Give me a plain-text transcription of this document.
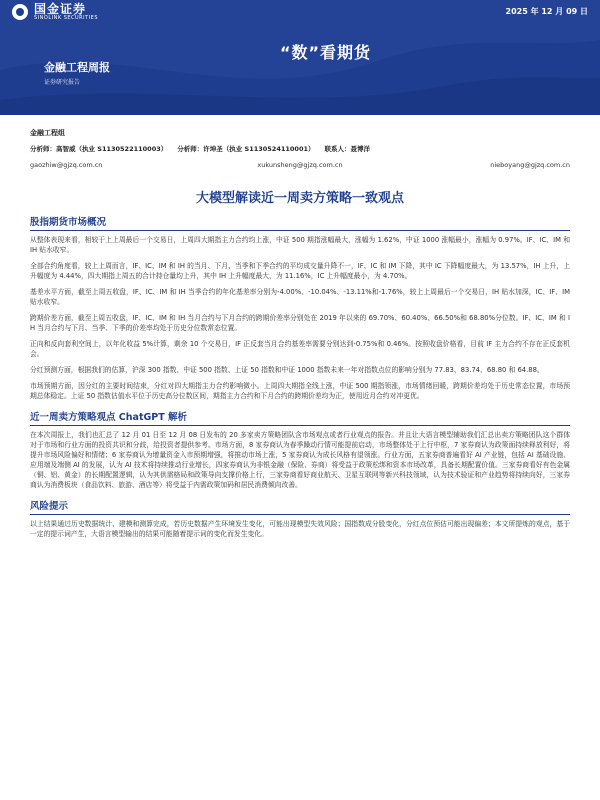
国金证券
SINOLINK SECURITIES
2025 年 12 月 09 日
“数”看期货
金融工程周报
证券研究报告
金融工程组
分析师：高智威（执业 S1130522110003） 分析师：许坤圣（执业 S1130524110001） 联系人：聂博洋
gaozhiw@gjzq.com.cn	xukunsheng@gjzq.com.cn	nieboyang@gjzq.com.cn
大模型解读近一周卖方策略一致观点
股指期货市场概况

从整体表现来看，相较于上上周最后一个交易日，上周四大期指主力合约均上涨，中证 500 期指涨幅最大，涨幅为 1.62%，中证 1000 涨幅最小，涨幅为 0.97%。IF、IC、IM 和 IH 贴水收窄。

全部合约角度看，较上上周而言，IF、IC、IM 和 IH 的当月、下月、当季和下季合约的平均成交量升降不一，IF、IC 和 IM 下降，其中 IC 下降幅度最大，为 13.57%，IH 上升，上升幅度为 4.44%，四大期指上周五的合计持仓量均上升，其中 IH 上升幅度最大，为 11.16%，IC 上升幅度最小，为 4.70%。

基差水平方面，截至上周五收盘，IF、IC、IM 和 IH 当季合约的年化基差率分别为-4.00%、-10.04%、-13.11%和-1.76%，较上上周最后一个交易日，IH 贴水加深，IC、IF、IM 贴水收窄。

跨期价差方面，截至上周五收盘，IF、IC、IM 和 IH 当月合约与下月合约的跨期价差率分别处在 2019 年以来的 69.70%、60.40%、66.50%和 68.80%分位数。IF、IC、IM 和 IH 当月合约与下月、当季、下季的价差率均处于历史分位数常态位置。

正向和反向套利空间上，以年化收益 5%计算，剩余 10 个交易日，IF 正反套当月合约基差率需要分别达到-0.75%和 0.46%。按照收盘价格看，目前 IF 主力合约不存在正反套机会。

分红预测方面，根据我们的估算，沪深 300 指数、中证 500 指数、上证 50 指数和中证 1000 指数未来一年对指数点位的影响分别为 77.83、83.74、68.80 和 64.88。

市场预期方面，因分红的主要时间结束，分红对四大期指主力合约影响微小。上周四大期指全线上涨，中证 500 期指领涨，市场情绪回暖，跨期价差均处于历史常态位置，市场预期总体稳定。上证 50 指数估值水平位于历史高分位数区间，期指主力合约和下月合约的跨期价差均为正，使用近月合约对冲更优。

近一周卖方策略观点 ChatGPT 解析

在本次周报上，我们也汇总了 12 月 01 日至 12 月 08 日发布的 20 多家卖方策略团队含市场观点或者行业观点的报告。并且让大语言模型辅助我们汇总出卖方策略团队这个群体对于市场和行业方面的投资共识和分歧，给投资者提供参考。市场方面，8 家券商认为春季躁动行情可能提前启动，市场整体处于上行中枢，7 家券商认为政策面持续释放利好，将提升市场风险偏好和情绪；6 家券商认为增量资金入市预期增强，将推动市场上涨，5 家券商认为成长风格有望领涨。行业方面，五家券商普遍看好 AI 产业链，包括 AI 基础设施、应用端及端侧 AI 的发展，认为 AI 技术将持续推动行业增长，四家券商认为非银金融（保险、券商）将受益于政策松绑和资本市场改革，具备长期配置价值。三家券商看好有色金属（铜、铝、黄金）的长期配置逻辑，认为其供需格局和政策导向支撑价格上行，三家券商看好商业航天、卫星互联网等新兴科技领域，认为技术验证和产业趋势将持续向好，三家券商认为消费板块（食品饮料、旅游、酒店等）将受益于内需政策加码和居民消费倾向改善。

风险提示

以上结果通过历史数据统计、建模和测算完成，若历史数据产生环境发生变化，可能出现模型失效风险；国指数成分股变化，分红点位预估可能出现偏差；本文所提炼的观点，基于一定的提示词产生，大语言模型输出的结果可能随着提示词的变化而发生变化。
